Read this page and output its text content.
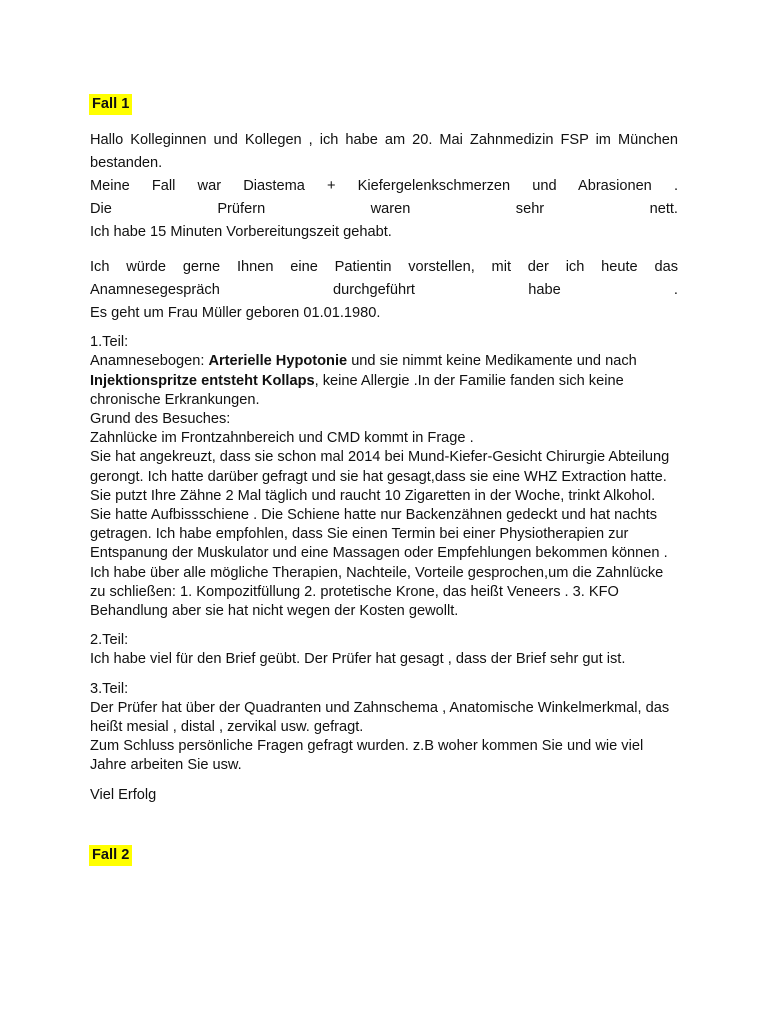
Fall 1
Hallo Kolleginnen und Kollegen , ich habe am 20. Mai Zahnmedizin FSP im München
bestanden.
Meine Fall war Diastema + Kiefergelenkschmerzen und Abrasionen .
Die Prüfern waren sehr nett.
Ich habe 15 Minuten Vorbereitungszeit gehabt.
Ich würde gerne Ihnen eine Patientin vorstellen, mit der ich heute das
Anamnesegespräch durchgeführt habe .
Es geht um Frau Müller geboren 01.01.1980.
1.Teil:
Anamnesebogen: Arterielle Hypotonie und sie nimmt keine Medikamente und nach Injektionspritze entsteht Kollaps, keine Allergie .In der Familie fanden sich keine chronische Erkrankungen.
Grund des Besuches:
Zahnlücke im Frontzahnbereich und CMD kommt in Frage .
Sie hat angekreuzt, dass sie schon mal 2014 bei Mund-Kiefer-Gesicht Chirurgie Abteilung gerongt. Ich hatte darüber gefragt und sie hat gesagt,dass sie eine WHZ Extraction hatte. Sie putzt Ihre Zähne 2 Mal täglich und raucht 10 Zigaretten in der Woche, trinkt Alkohol. Sie hatte Aufbissschiene . Die Schiene hatte nur Backenzähnen gedeckt und hat nachts getragen. Ich habe empfohlen, dass Sie einen Termin bei einer Physiotherapien zur Entspanung der Muskulator und eine Massagen oder Empfehlungen bekommen können . Ich habe über alle mögliche Therapien, Nachteile, Vorteile gesprochen,um die Zahnlücke zu schließen: 1. Kompozitfüllung 2. protetische Krone, das heißt Veneers . 3. KFO Behandlung aber sie hat nicht wegen der Kosten gewollt.
2.Teil:
Ich habe viel für den Brief geübt. Der Prüfer hat gesagt , dass der Brief sehr gut ist.
3.Teil:
Der Prüfer hat über der Quadranten und Zahnschema , Anatomische Winkelmerkmal, das heißt mesial , distal , zervikal usw. gefragt.
Zum Schluss persönliche Fragen gefragt wurden. z.B woher kommen Sie und wie viel Jahre arbeiten Sie usw.
Viel Erfolg
Fall 2
